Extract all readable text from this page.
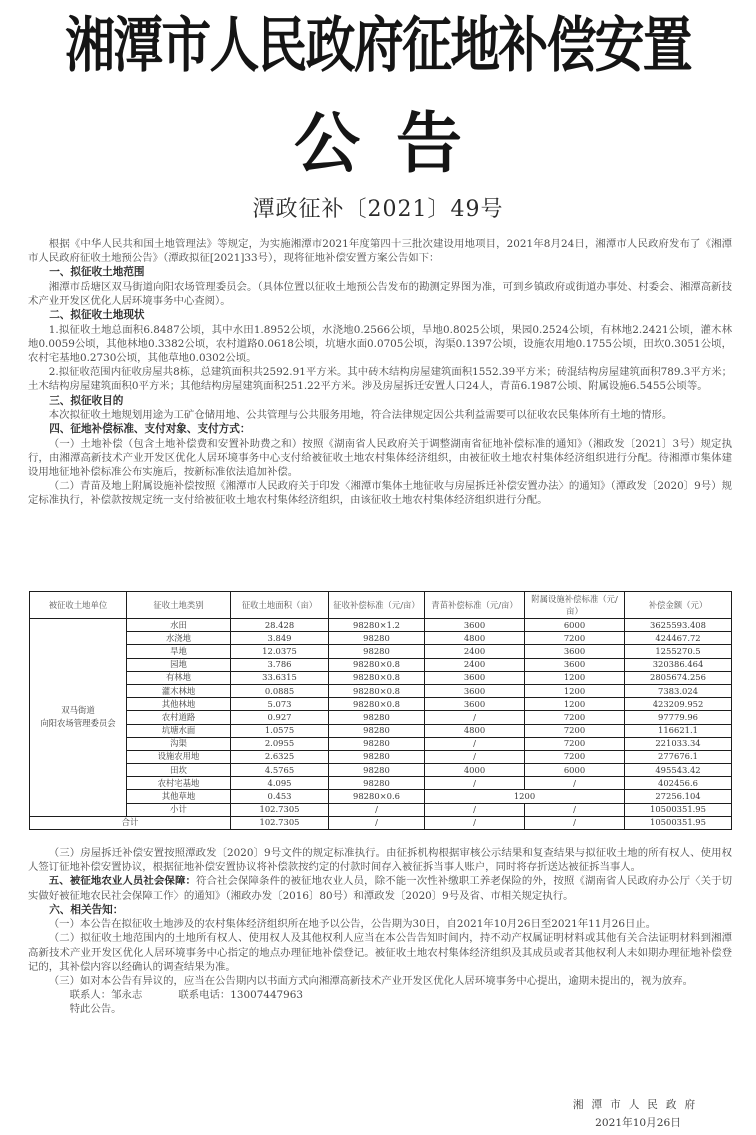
湘潭市人民政府征地补偿安置
公告
潭政征补〔2021〕49号

根据《中华人民共和国土地管理法》等规定，为实施湘潭市2021年度第四十三批次建设用地项目，2021年8月24日，湘潭市人民政府发布了《湘潭市人民政府征收土地预公告》（潭政拟征[2021]33号），现将征地补偿安置方案公告如下：

一、拟征收土地范围

湘潭市岳塘区双马街道向阳农场管理委员会。（具体位置以征收土地预公告发布的勘测定界图为准，可到乡镇政府或街道办事处、村委会、湘潭高新技术产业开发区优化人居环境事务中心查阅）。

二、拟征收土地现状

1.拟征收土地总面积6.8487公顷，其中水田1.8952公顷，水浇地0.2566公顷，旱地0.8025公顷，果园0.2524公顷，有林地2.2421公顷，灌木林地0.0059公顷，其他林地0.3382公顷，农村道路0.0618公顷，坑塘水面0.0705公顷，沟渠0.1397公顷，设施农用地0.1755公顷，田坎0.3051公顷，农村宅基地0.2730公顷，其他草地0.0302公顷。

2.拟征收范围内征收房屋共8栋，总建筑面积共2592.91平方米。其中砖木结构房屋建筑面积1552.39平方米；砖混结构房屋建筑面积789.3平方米；土木结构房屋建筑面积0平方米；其他结构房屋建筑面积251.22平方米。涉及房屋拆迁安置人口24人，青苗6.1987公顷、附属设施6.5455公顷等。

三、拟征收目的

本次拟征收土地规划用途为工矿仓储用地、公共管理与公共服务用地，符合法律规定因公共利益需要可以征收农民集体所有土地的情形。

四、征地补偿标准、支付对象、支付方式：

（一）土地补偿（包含土地补偿费和安置补助费之和）按照《湖南省人民政府关于调整湖南省征地补偿标准的通知》（湘政发〔2021〕3号）规定执行，由湘潭高新技术产业开发区优化人居环境事务中心支付给被征收土地农村集体经济组织，由被征收土地农村集体经济组织进行分配。待湘潭市集体建设用地征地补偿标准公布实施后，按新标准依法追加补偿。

（二）青苗及地上附属设施补偿按照《湘潭市人民政府关于印发〈湘潭市集体土地征收与房屋拆迁补偿安置办法〉的通知》（潭政发〔2020〕9号）规定标准执行，补偿款按规定统一支付给被征收土地农村集体经济组织，由该征收土地农村集体经济组织进行分配。

被征收土地单位	征收土地类别	征收土地面积（亩）	征收补偿标准（元/亩）	青苗补偿标准（元/亩）	附属设施补偿标准（元/亩）	补偿金额（元）
双马街道
向阳农场管理委员会	水田	28.428	98280×1.2	3600	6000	3625593.408
	水浇地	3.849	98280	4800	7200	424467.72
	旱地	12.0375	98280	2400	3600	1255270.5
	园地	3.786	98280×0.8	2400	3600	320386.464
	有林地	33.6315	98280×0.8	3600	1200	2805674.256
	灌木林地	0.0885	98280×0.8	3600	1200	7383.024
	其他林地	5.073	98280×0.8	3600	1200	423209.952
	农村道路	0.927	98280	/	7200	97779.96
	坑塘水面	1.0575	98280	4800	7200	116621.1
	沟渠	2.0955	98280	/	7200	221033.34
	设施农用地	2.6325	98280	/	7200	277676.1
	田坎	4.5765	98280	4000	6000	495543.42
	农村宅基地	4.095	98280	/	/	402456.6
	其他草地	0.453	98280×0.6	1200		27256.104
	小计	102.7305	/	/	/	10500351.95
合计		102.7305	/	/	/	10500351.95

（三）房屋拆迁补偿安置按照潭政发〔2020〕9号文件的规定标准执行。由征拆机构根据审核公示结果和复查结果与拟征收土地的所有权人、使用权人签订征地补偿安置协议，根据征地补偿安置协议将补偿款按约定的付款时间存入被征拆当事人账户，同时将存折送达被征拆当事人。

五、被征地农业人员社会保障：符合社会保障条件的被征地农业人员，除不能一次性补缴职工养老保险的外，按照《湖南省人民政府办公厅〈关于切实做好被征地农民社会保障工作〉的通知》（湘政办发〔2016〕80号）和潭政发〔2020〕9号及省、市相关规定执行。

六、相关告知：

（一）本公告在拟征收土地涉及的农村集体经济组织所在地予以公告，公告期为30日，自2021年10月26日至2021年11月26日止。

（二）拟征收土地范围内的土地所有权人、使用权人及其他权利人应当在本公告告知时间内，持不动产权属证明材料或其他有关合法证明材料到湘潭高新技术产业开发区优化人居环境事务中心指定的地点办理征地补偿登记。被征收土地农村集体经济组织及其成员或者其他权利人未如期办理征地补偿登记的，其补偿内容以经确认的调查结果为准。

（三）如对本公告有异议的，应当在公告期内以书面方式向湘潭高新技术产业开发区优化人居环境事务中心提出，逾期未提出的，视为放弃。

联系人：邹永志	联系电话：13007447963

特此公告。

湘潭市人民政府
2021年10月26日
